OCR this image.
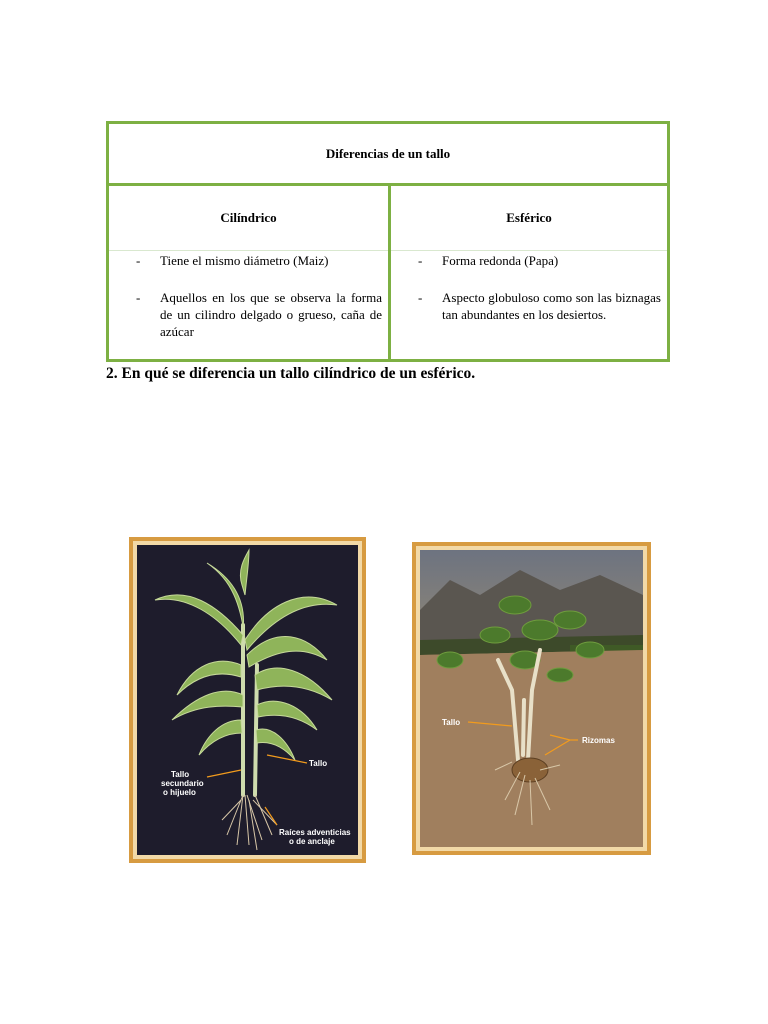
Diferencias de un tallo
Cilíndrico
- Tiene el mismo diámetro (Maiz)
- Aquellos en los que se observa la forma de un cilindro delgado o grueso, caña de azúcar
Esférico
- Forma redonda (Papa)
- Aspecto globuloso como son las biznagas tan abundantes en los desiertos.
2. En qué se diferencia un tallo cilíndrico de un esférico.
Tallo
Tallo
secundario
o hijuelo
Raíces adventicias
o de anclaje
Tallo
Rizomas
